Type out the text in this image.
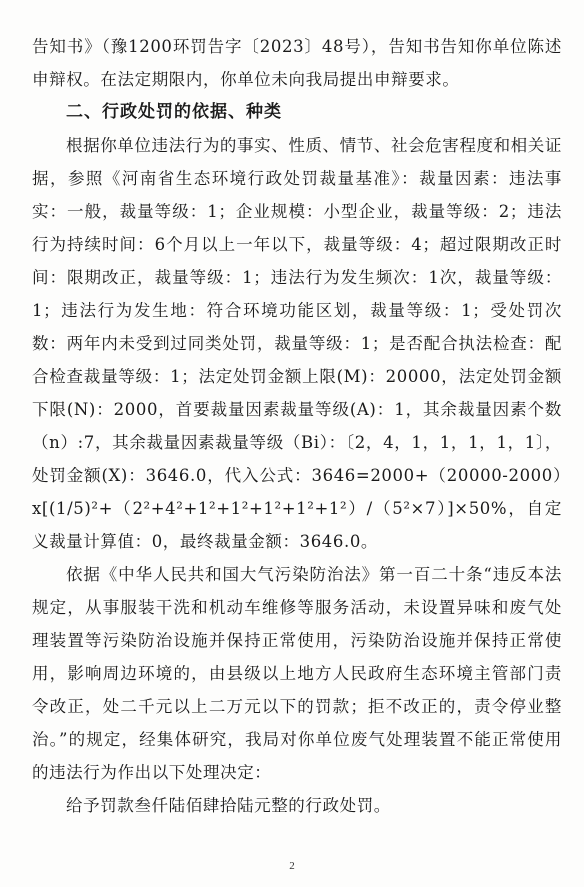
告知书》（豫1200环罚告字〔2023〕48号），告知书告知你单位陈述申辩权。在法定期限内，你单位未向我局提出申辩要求。

二、行政处罚的依据、种类

根据你单位违法行为的事实、性质、情节、社会危害程度和相关证据，参照《河南省生态环境行政处罚裁量基准》：裁量因素：违法事实：一般，裁量等级：1；企业规模：小型企业，裁量等级：2；违法行为持续时间：6个月以上一年以下，裁量等级：4；超过限期改正时间：限期改正，裁量等级：1；违法行为发生频次：1次，裁量等级：1；违法行为发生地：符合环境功能区划，裁量等级：1；受处罚次数：两年内未受到过同类处罚，裁量等级：1；是否配合执法检查：配合检查裁量等级：1；法定处罚金额上限(M)：20000，法定处罚金额下限(N)：2000，首要裁量因素裁量等级(A)：1，其余裁量因素个数（n）:7，其余裁量因素裁量等级（Bi）：〔2，4，1，1，1，1，1〕，处罚金额(X)：3646.0，代入公式：3646=2000+（20000-2000）x[(1/5)²+（2²+4²+1²+1²+1²+1²+1²）/（5²×7）]×50%，自定义裁量计算值：0，最终裁量金额：3646.0。

依据《中华人民共和国大气污染防治法》第一百二十条“违反本法规定，从事服装干洗和机动车维修等服务活动，未设置异味和废气处理装置等污染防治设施并保持正常使用，污染防治设施并保持正常使用，影响周边环境的，由县级以上地方人民政府生态环境主管部门责令改正，处二千元以上二万元以下的罚款；拒不改正的，责令停业整治。”的规定，经集体研究，我局对你单位废气处理装置不能正常使用的违法行为作出以下处理决定：

给予罚款叁仟陆佰肆拾陆元整的行政处罚。

2
